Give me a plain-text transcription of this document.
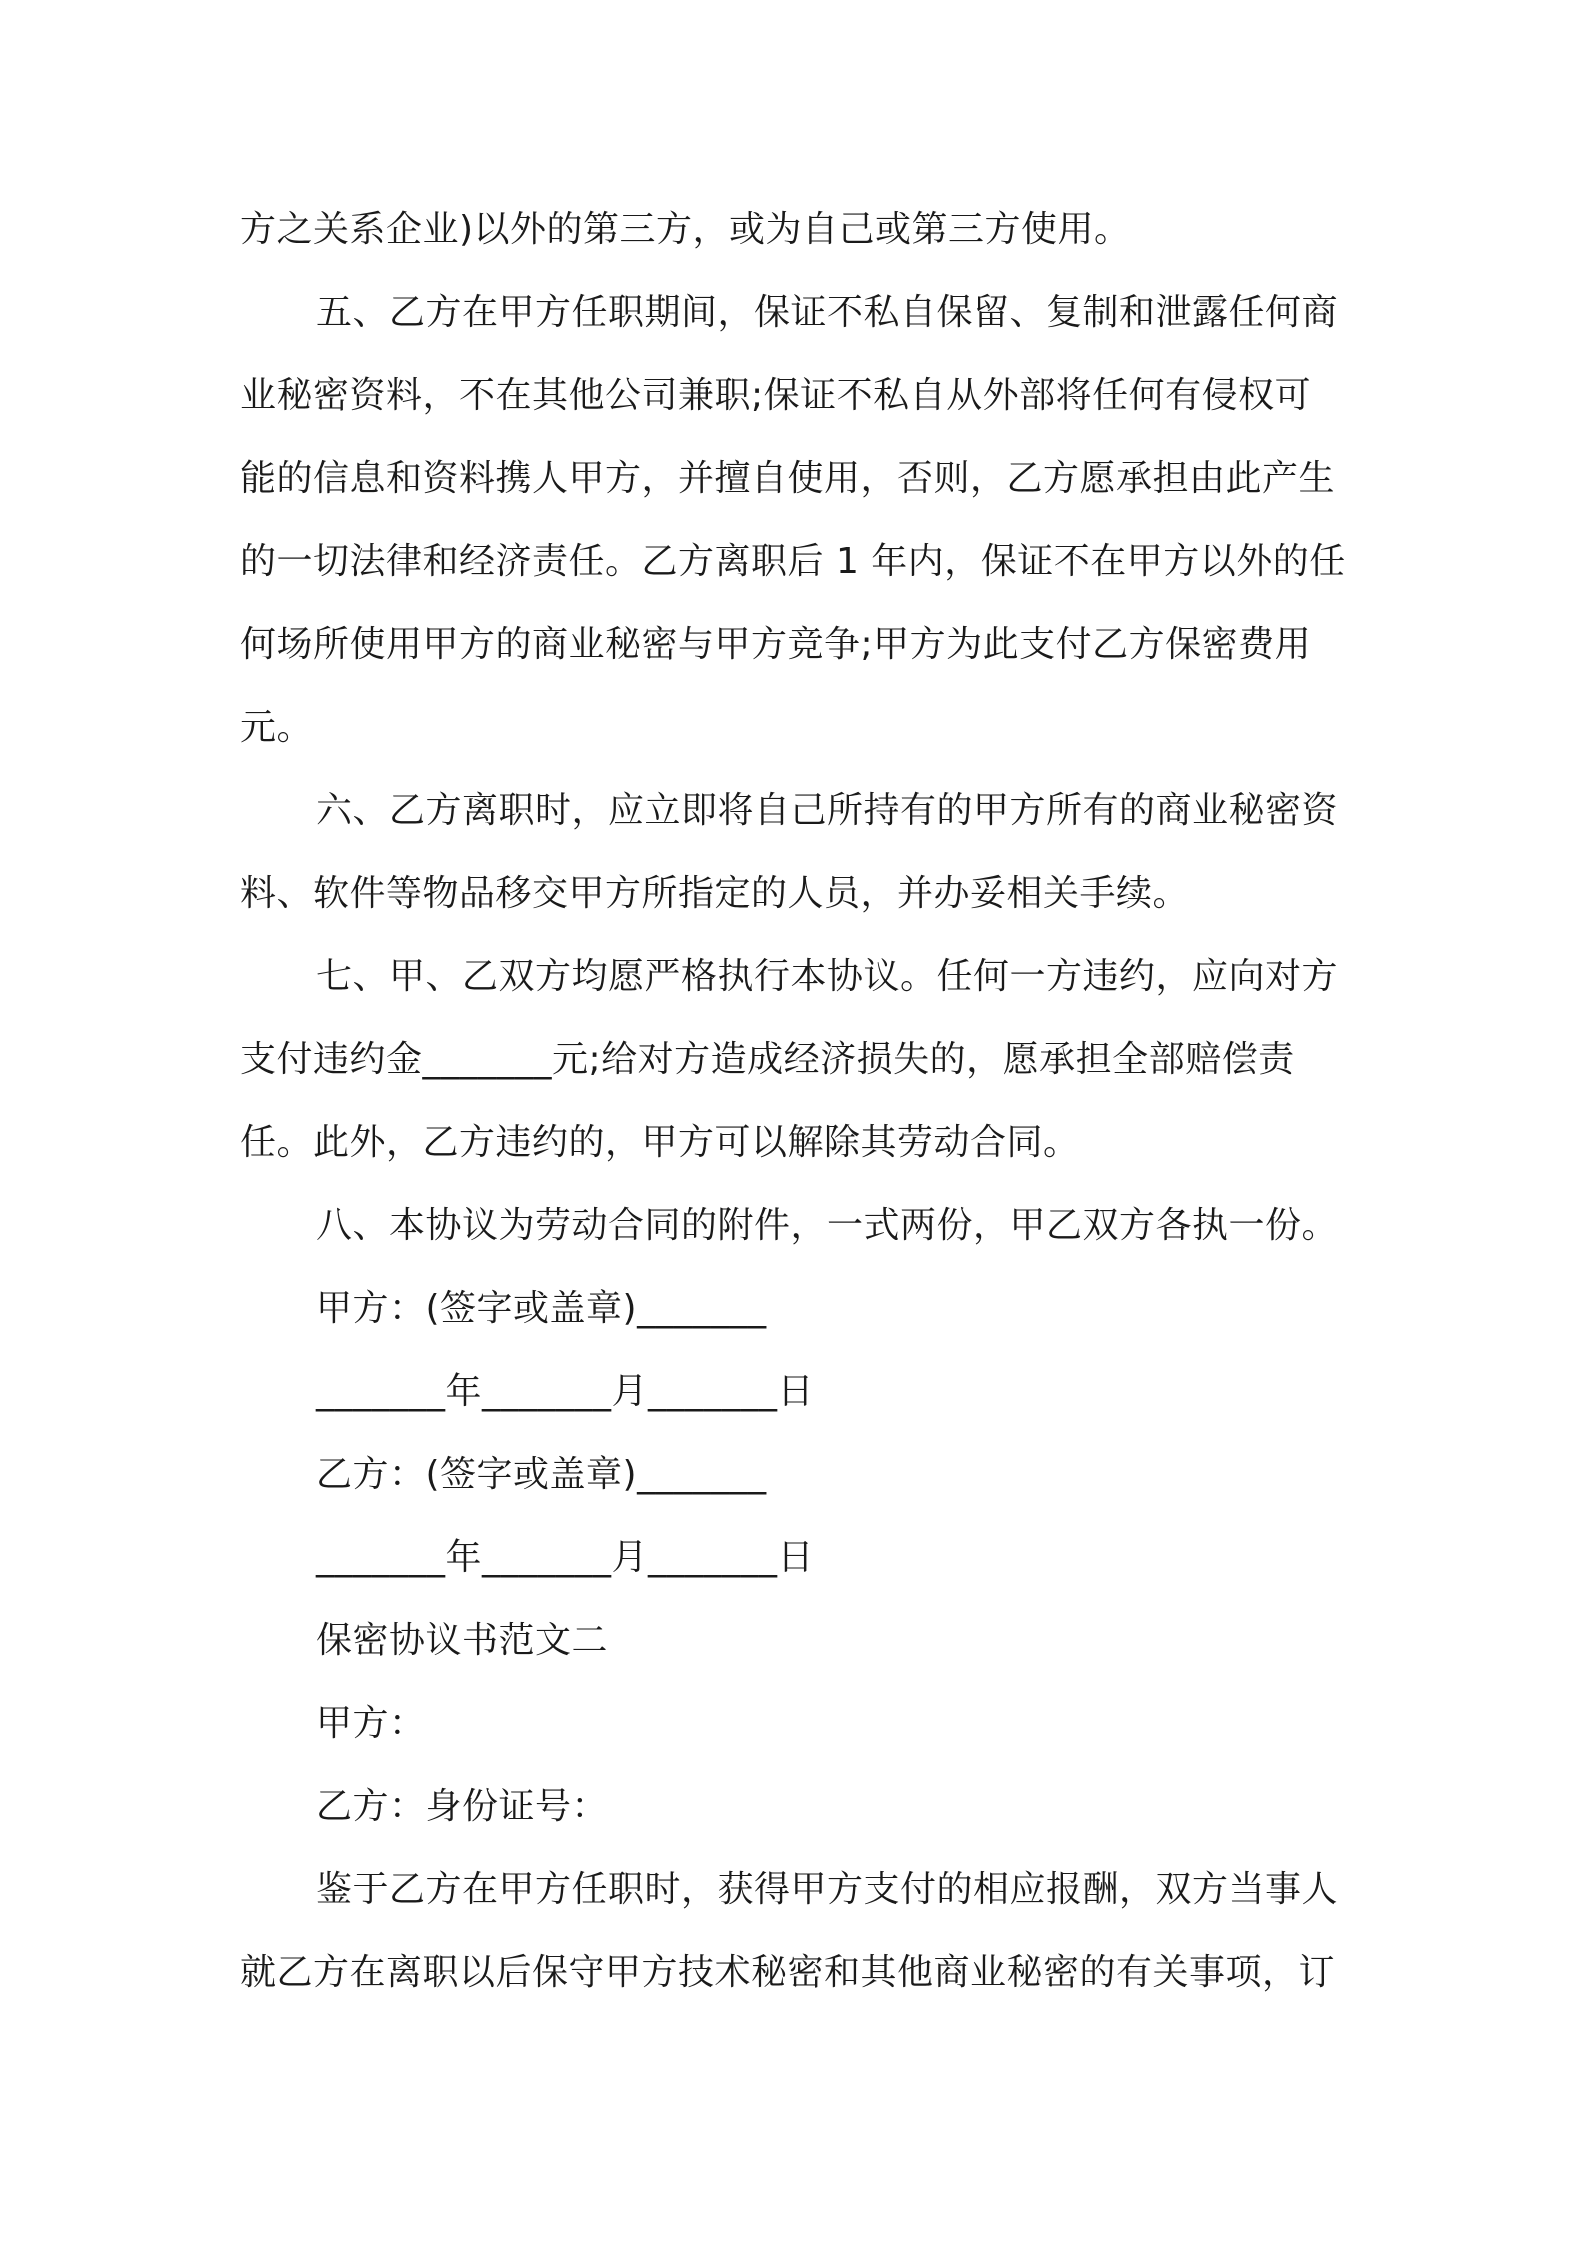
方之关系企业)以外的第三方，或为自己或第三方使用。
五、乙方在甲方任职期间，保证不私自保留、复制和泄露任何商
业秘密资料，不在其他公司兼职;保证不私自从外部将任何有侵权可
能的信息和资料携人甲方，并擅自使用，否则，乙方愿承担由此产生
的一切法律和经济责任。乙方离职后 1 年内，保证不在甲方以外的任
何场所使用甲方的商业秘密与甲方竞争;甲方为此支付乙方保密费用
元。
六、乙方离职时，应立即将自己所持有的甲方所有的商业秘密资
料、软件等物品移交甲方所指定的人员，并办妥相关手续。
七、甲、乙双方均愿严格执行本协议。任何一方违约，应向对方
支付违约金_______元;给对方造成经济损失的，愿承担全部赔偿责
任。此外，乙方违约的，甲方可以解除其劳动合同。
八、本协议为劳动合同的附件，一式两份，甲乙双方各执一份。
甲方：(签字或盖章)_______
_______年_______月_______日
乙方：(签字或盖章)_______
_______年_______月_______日
保密协议书范文二
甲方：
乙方：身份证号：
鉴于乙方在甲方任职时，获得甲方支付的相应报酬，双方当事人
就乙方在离职以后保守甲方技术秘密和其他商业秘密的有关事项，订
